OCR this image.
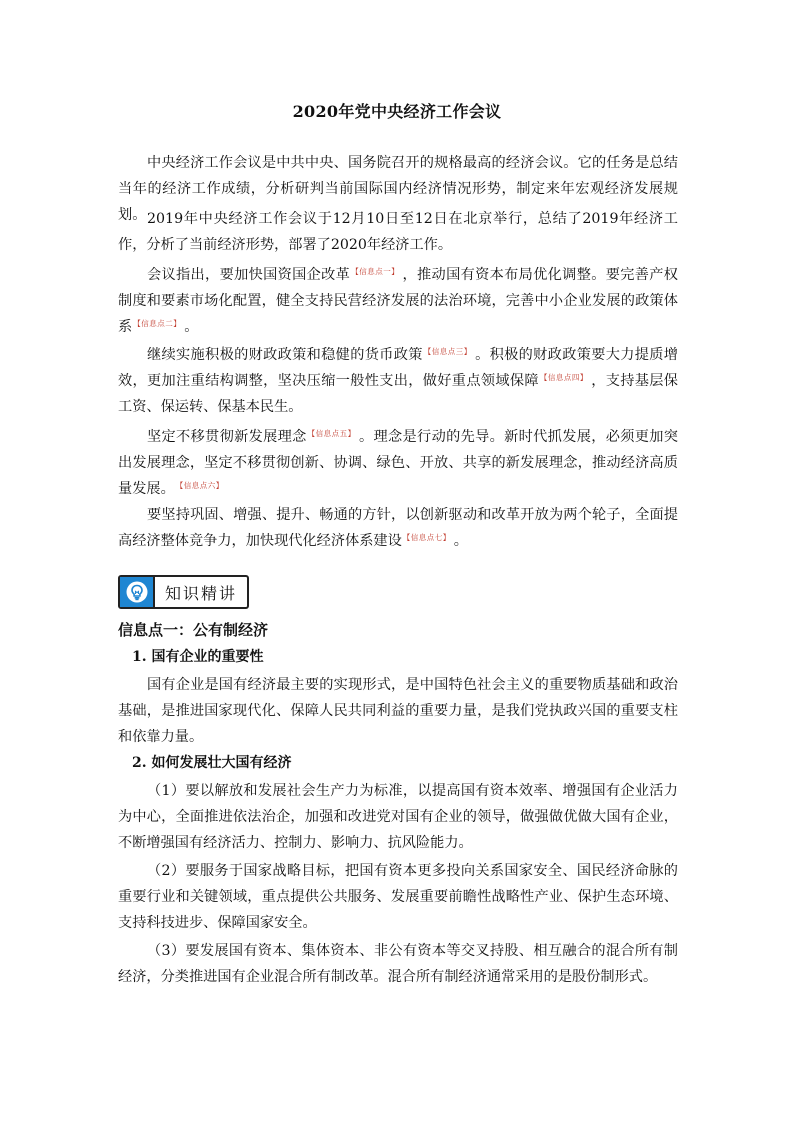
2020年党中央经济工作会议

中央经济工作会议是中共中央、国务院召开的规格最高的经济会议。它的任务是总结当年的经济工作成绩，分析研判当前国际国内经济情况形势，制定来年宏观经济发展规划。 2019年中央经济工作会议于12月10日至12日在北京举行，总结了2019年经济工作，分析了当前经济形势，部署了2020年经济工作。

会议指出，要加快国资国企改革【信息点一】 ，推动国有资本布局优化调整。要完善产权制度和要素市场化配置，健全支持民营经济发展的法治环境，完善中小企业发展的政策体系【信息点二】 。

继续实施积极的财政政策和稳健的货币政策【信息点三】 。积极的财政政策要大力提质增效，更加注重结构调整，坚决压缩一般性支出，做好重点领域保障【信息点四】 ，支持基层保工资、保运转、保基本民生。

坚定不移贯彻新发展理念【信息点五】 。理念是行动的先导。新时代抓发展，必须更加突出发展理念，坚定不移贯彻创新、协调、绿色、开放、共享的新发展理念，推动经济高质量发展。【信息点六】

要坚持巩固、增强、提升、畅通的方针，以创新驱动和改革开放为两个轮子，全面提高经济整体竞争力，加快现代化经济体系建设【信息点七】 。

知识精讲
信息点一：公有制经济
1. 国有企业的重要性

国有企业是国有经济最主要的实现形式，是中国特色社会主义的重要物质基础和政治基础，是推进国家现代化、保障人民共同利益的重要力量，是我们党执政兴国的重要支柱和依靠力量。

2. 如何发展壮大国有经济

（1）要以解放和发展社会生产力为标准，以提高国有资本效率、增强国有企业活力为中心，全面推进依法治企，加强和改进党对国有企业的领导，做强做优做大国有企业，不断增强国有经济活力、控制力、影响力、抗风险能力。

（2）要服务于国家战略目标，把国有资本更多投向关系国家安全、国民经济命脉的重要行业和关键领域，重点提供公共服务、发展重要前瞻性战略性产业、保护生态环境、支持科技进步、保障国家安全。

（3）要发展国有资本、集体资本、非公有资本等交叉持股、相互融合的混合所有制经济，分类推进国有企业混合所有制改革。混合所有制经济通常采用的是股份制形式。
